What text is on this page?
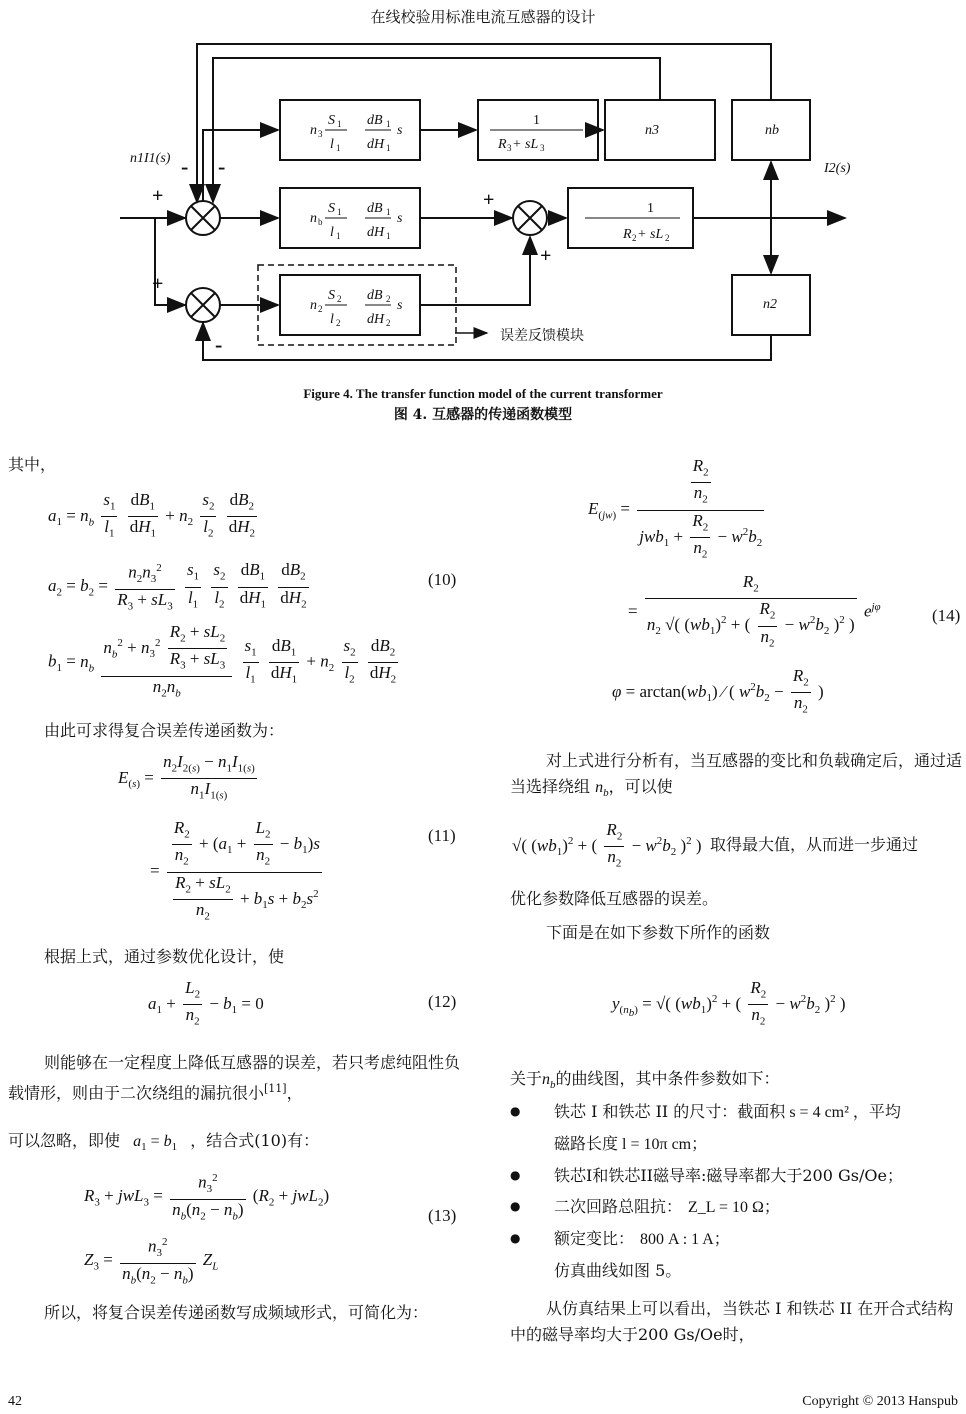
在线校验用标准电流互感器的设计
n1I1(s)
I2(s)
误差反馈模块
n3	nb
n2
n 3
S 1
l 1
dB 1
dH 1
s
1
R 3 + sL 3
n b
S 1
l 1
dB 1
dH 1
s
1
R 2 + sL 2
n 2
S 2
l 2
dB 2
dH 2
s
- -
+	+
+
+
-
Figure 4. The transfer function model of the current transformer
图 4. 互感器的传递函数模型
其中，
$a_1 = n_b \frac{s_1}{l_1}$
$\frac{dB_1}{dH_1} + n_2 \frac{s_2}{l_2}$
$\frac{dB_2}{dH_2}$
$a_2 = b_2 = \frac{n_2n_3^2}{R_3 + sL_3}$
$\frac{s_1}{l_1}$
$\frac{s_2}{l_2}$
$\frac{dB_1}{dH_1}$
$\frac{dB_2}{dH_2}$
$b_1 = n_b \frac{n_b^2 + n_3^2 \frac{R_2 + sL_2}{R_3 + sL_3}}{n_2n_b}$
$\frac{s_1}{l_1}$
$\frac{dB_1}{dH_1} + n_2 \frac{s_2}{l_2}$
$\frac{dB_2}{dH_2}$
(10)
由此可求得复合误差传递函数为：
$E_{(s)} = \frac{n_2I_{2(s)} - n_1I_{1(s)}}{n_1I_{1(s)}}$
= $\frac{\frac{R_2}{n_2} + (a_1 + \frac{L_2}{n_2} - b_1)s}{\frac{R_2 + sL_2}{n_2} + b_1s + b_2s^2}$	(11)
根据上式，通过参数优化设计，使
$a_1 + \frac{L_2}{n_2} - b_1 = 0$	(12)
则能够在一定程度上降低互感器的误差，若只考虑纯阻性负载情形，则由于二次绕组的漏抗很小[11]，
可以忽略，即使 $a_1 = b_1$ ，结合式(10)有：
$R_3 + jwL_3 = \frac{n_3^2}{n_b(n_2 - n_b)} (R_2 + jwL_2)$
$Z_3 = \frac{n_3^2}{n_b(n_2 - n_b)} Z_L$
(13)
所以，将复合误差传递函数写成频域形式，可简化为：
$E_{(jw)} = \frac{\frac{R_2}{n_2}}{jwb_1 + \frac{R_2}{n_2} - w^2b_2}$
= $\frac{R_2}{n_2 √( (wb_1)^2 + ( \frac{R_2}{n_2} - w^2b_2 )^2 )} e^{j\varphi}$
$\varphi = \arctan(wb_1)$ ⁄ ( $w^2b_2 - \frac{R_2}{n_2}$ )
(14)
对上式进行分析有，当互感器的变比和负载确定后，通过适当选择绕组 $n_b$，可以使
√( $(wb_1)^2$ + ( $\frac{R_2}{n_2} - w^2b_2$ )$^2$ ) 取得最大值，从而进一步通过
优化参数降低互感器的误差。
下面是在如下参数下所作的函数
$y_{(n_b)}$ = √( $(wb_1)^2$ + ( $\frac{R_2}{n_2} - w^2b_2$ )$^2$ )
关于$n_b$的曲线图，其中条件参数如下：
● 铁芯 I 和铁芯 II 的尺寸：截面积 s = 4 cm² ，平均
磁路长度 l = 10π cm；
● 铁芯I和铁芯II磁导率:磁导率都大于200 Gs/Oe；
● 二次回路总阻抗： Z_L = 10 Ω；
● 额定变比： 800 A : 1 A；
仿真曲线如图 5。
从仿真结果上可以看出，当铁芯 I 和铁芯 II 在开合式结构中的磁导率均大于200 Gs/Oe时，
42	Copyright © 2013 Hanspub
